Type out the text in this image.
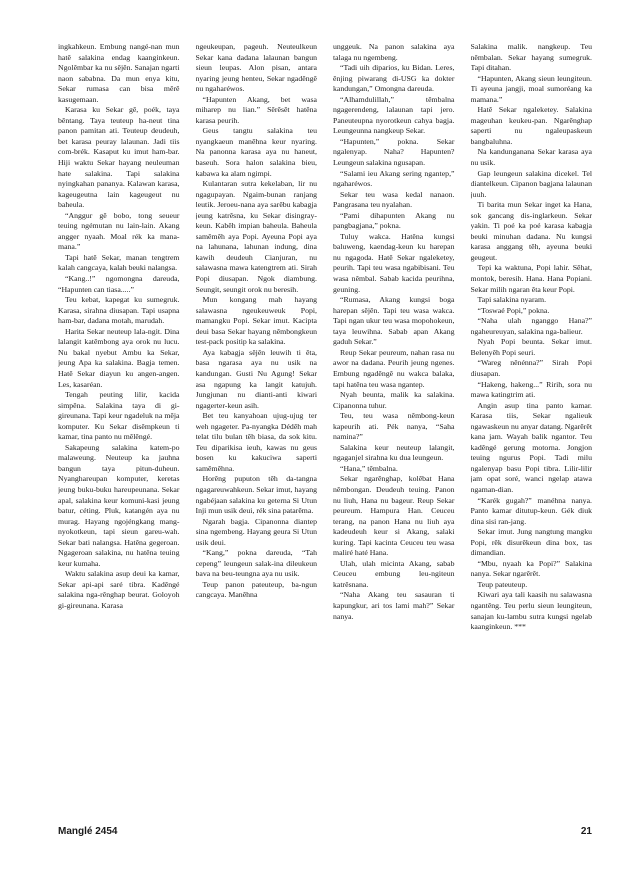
ingkahkeun. Embung nangé-nan mun hatě salakina endag kaanginkeun. Ngolěmbar ka nu sějěn. Sanajan ngarti naon sababna. Da mun enya kitu, Sekar rumasa can bisa měrě kasugemaan.

Karasa ku Sekar gě, poék, taya běntang. Taya teuteup ha-neut tina panon pamitan ati. Teuteup deudeuh, bet karasa peuray lalaunan. Jadi tiis com-brék. Kasaput ku imut ham-bar. Hiji waktu Sekar hayang neuleuman hate salakina. Tapi salakina nyingkahan pananya. Kalawan karasa, kageugeutna lain kageugeut nu baheula.

“Anggur gě bobo, tong seueur teuing ngémutan nu lain-lain. Akang angger nyaah. Moal rék ka mana-mana.”

Tapi hatě Sekar, manan tengtrem kalah cangcaya, kalah beuki nalangsa.

“Kang..!” ngomongna dareuda, “Hapunten can tiasa.....”

Teu kebat, kapegat ku sumegruk. Karasa, sirahna diusapan. Tapi usapna ham-bar, dadana motah, marudah.

Harita Sekar neuteup lala-ngit. Dina lalangit katěmbong aya orok nu lucu. Nu bakal nyebut Ambu ka Sekar, jeung Apa ka salakina. Bagja temen. Hatě Sekar diayun ku angen-angen. Les, kasaréan.

Tengah peuting lilir, kacida simpěna. Salakina taya di gi-gireunana. Tapi keur ngadeluk na měja komputer. Ku Sekar disěmpkeun ti kamar, tina panto nu mělěngé.

Sakapeung salakina katem-po malaweung. Neuteup ka jauhna bangun taya pitun-duheun. Nyanghareupan komputer, keretas jeung buku-buku hareupeunana. Sekar apal, salakina keur komuni-kasi jeung batur, céting. Pluk, katangén aya nu murag. Hayang ngojéngkang mang-nyokotkeun, tapi sieun gareu-wah. Sekar bati nalangsa. Hatěna gegeroan. Ngageroan salakina, nu hatěna teuing keur kumaha.

Waktu salakina asup deui ka kamar, Sekar api-api saré tibra. Kaděngé salakina nga-rěnghap beurat. Goloyoh gi-gireunana. Karasa

ngeukeupan, pageuh. Neuteulkeun Sekar kana dadana lalaunan bangun sieun leupas. Alon pisan, antara nyaring jeung henteu, Sekar ngaděngě nu ngaharéwos.

“Hapunten Akang, bet wasa miharep nu lian.” Sěrěsět hatěna karasa peurih.

Geus tangtu salakina teu nyangkaeun maněhna keur nyaring. Na panonna karasa aya nu haneut, baseuh. Sora halon salakina bieu, kabawa ka alam ngimpi.

Kulantaran sutra kekelaban, lir nu ngagupayan. Ngaim-bunan ranjang leutik. Jeroeu-nana aya sarěbu kabagja jeung katrěsna, ku Sekar disingray-keun. Kaběh impian baheula. Baheula saměměh aya Popi. Ayeuna Popi aya na lahunana, lahunan indung, dina kawih deudeuh Cianjuran, nu salawasna mawa katengtrem ati. Sirah Popi diusapan. Ngok diambung. Seungit, seungit orok nu beresih.

Mun kongang mah hayang salawasna ngeukeuweuk Popi, mamangku Popi. Sekar imut. Kacipta deui basa Sekar hayang němbongkeun test-pack positip ka salakina.

Aya kabagja sějěn leuwih ti ěta, basa ngarasa aya nu usik na kandungan. Gusti Nu Agung! Sekar asa ngapung ka langit katujuh. Jungjunan nu dianti-anti kiwari ngagerter-keun asih.

Bet teu kanyahoan ujug-ujug ter weh ngageter. Pa-nyangka Déděh mah telat tilu bulan těh biasa, da sok kitu. Teu diparikisa ieuh, kawas nu geus bosen ku kakuciwa saperti saměměhna.

Horěng puputon těh da-tangna ngagareuwahkeun. Sekar imut, hayang ngabéjaan salakina ku geterna Si Utun Inji mun usik deui, rék sina patarěma.

Ngarah bagja. Cipanonna diantep sina ngembeng. Hayang geura Si Utun usik deui.

“Kang,” pokna dareuda, “Tah cepeng” leungeun salak-ina dileukeun bava na beu-teungna aya nu usik.

Teup panon pateuteup, ba-ngun cangcaya. Maněhna

unggeuk. Na panon salakina aya talaga nu ngembeng.

“Tadi uih diparios, ku Bidan. Leres, ěnjing piwarang di-USG ka dokter kandungan,” Omongna dareuda.

“Alhamdulillah,” těmbalna ngagerendeng, lalaunan tapi jero. Paneuteupna nyorotkeun cahya bagja. Leungeunna nangkeup Sekar.

“Hapunten,” pokna. Sekar ngalenyap. Naha? Hapunten? Leungeun salakina ngusapan.

“Salami ieu Akang sering ngantep,” ngaharéwos.

Sekar teu wasa kedal nanaon. Pangrasana teu nyalahan.

“Pami dihapunten Akang nu pangbagjana,” pokna.

Tuluy wakca. Hatěna kungsi baluweng, kaendag-keun ku harepan nu ngagoda. Hatě Sekar ngaleketey, peurih. Tapi teu wasa ngabibisani. Teu wasa němbal. Sabab kacida peurihna, geuning.

“Rumasa, Akang kungsi boga harepan sějěn. Tapi teu wasa wakca. Tapi ngan ukur teu wasa mopohokeun, taya leuwihna. Sabab apan Akang gaduh Sekar.”

Reup Sekar peureum, nahan rasa nu awor na dadana. Peurih jeung ngenes. Embung ngaděngě nu wakca balaka, tapi hatěna teu wasa ngantep.

Nyah beunta, malik ka salakina. Cipanonna tuhur.

Teu, teu wasa němbong-keun kapeurih ati. Pék nanya, “Saha namina?”

Salakina keur neuteup lalangit, ngaganjel sirahna ku dua leungeun.

“Hana,” těmbalna.

Sekar ngarěnghap, kolěbat Hana němbongan. Deudeuh teuing. Panon nu liuh, Hana nu bageur. Reup Sekar peureum. Hampura Han. Ceuceu terang, na panon Hana nu liuh aya kadeudeuh keur si Akang, salaki kuring. Tapi kacinta Ceuceu teu wasa maliré haté Hana.

Ulah, ulah micinta Akang, sabab Ceuceu embung leu-ngiteun katrěsnana.

“Naha Akang teu sasauran ti kapungkur, ari tos lami mah?” Sekar nanya.

Salakina malik. nangkeup. Teu němbalan. Sekar hayang sumegruk. Tapi ditahan.

“Hapunten, Akang sieun leungiteun. Ti ayeuna jangji, moal sumoréang ka mamana.”

Hatě Sekar ngaleketey. Salakina mageuhan keukeu-pan. Ngarěnghap saperti nu ngaleupaskeun bangbaluhna.

Na kandunganana Sekar karasa aya nu usik.

Gap leungeun salakina dicekel. Tel diantelkeun. Cipanon bagjana lalaunan juuh.

Ti barita mun Sekar inget ka Hana, sok gancang dis-inglarkeun. Sekar yakin. Ti poé ka poé karasa kabagja beuki minuhan dadana. Nu kungsi karasa anggang těh, ayeuna beuki geugeut.

Tepi ka waktuna, Popi lahir. Sěhat, montok, beresih. Hana. Hana Popiani. Sekar milih ngaran ěta keur Popi.

Tapi salakina nyaram.

“Toswaé Popi,” pokna.

“Naha ulah nganggo Hana?” ngaheureuyan, salakina nga-balieur.

Nyah Popi beunta. Sekar imut. Belenyěh Popi seuri.

“Wareg něnénna?” Sirah Popi diusapan.

“Hakeng, hakeng...” Ririh, sora nu mawa katingtrim ati.

Angin asup tina panto kamar. Karasa tiis, Sekar ngalieuk ngawaskeun nu anyar datang. Ngarěrět kana jam. Wayah balik ngantor. Teu kaděngé gerung motorna. Jongjon teuing ngurus Popi. Tadi milu ngalenyap basu Popi tibra. Lilir-lilir jam opat soré, wanci ngelap atawa ngaman-dian.

“Karék gugah?” manéhna nanya. Panto kamar ditutup-keun. Gék diuk dina sisi ran-jang.

Sekar imut. Jung nangtung mangku Popi, rěk disurěkeun dina box, tas dimandian.

“Mbu, nyaah ka Popi?” Salakina nanya. Sekar ngarěrět.

Teup pateuteup.

Kiwari aya tali kaasih nu salawasna ngantěng. Teu perlu sieun leungiteun, sanajan ku-lambu sutra kungsi ngelab kaanginkeun. ***

Manglé 2454	21
